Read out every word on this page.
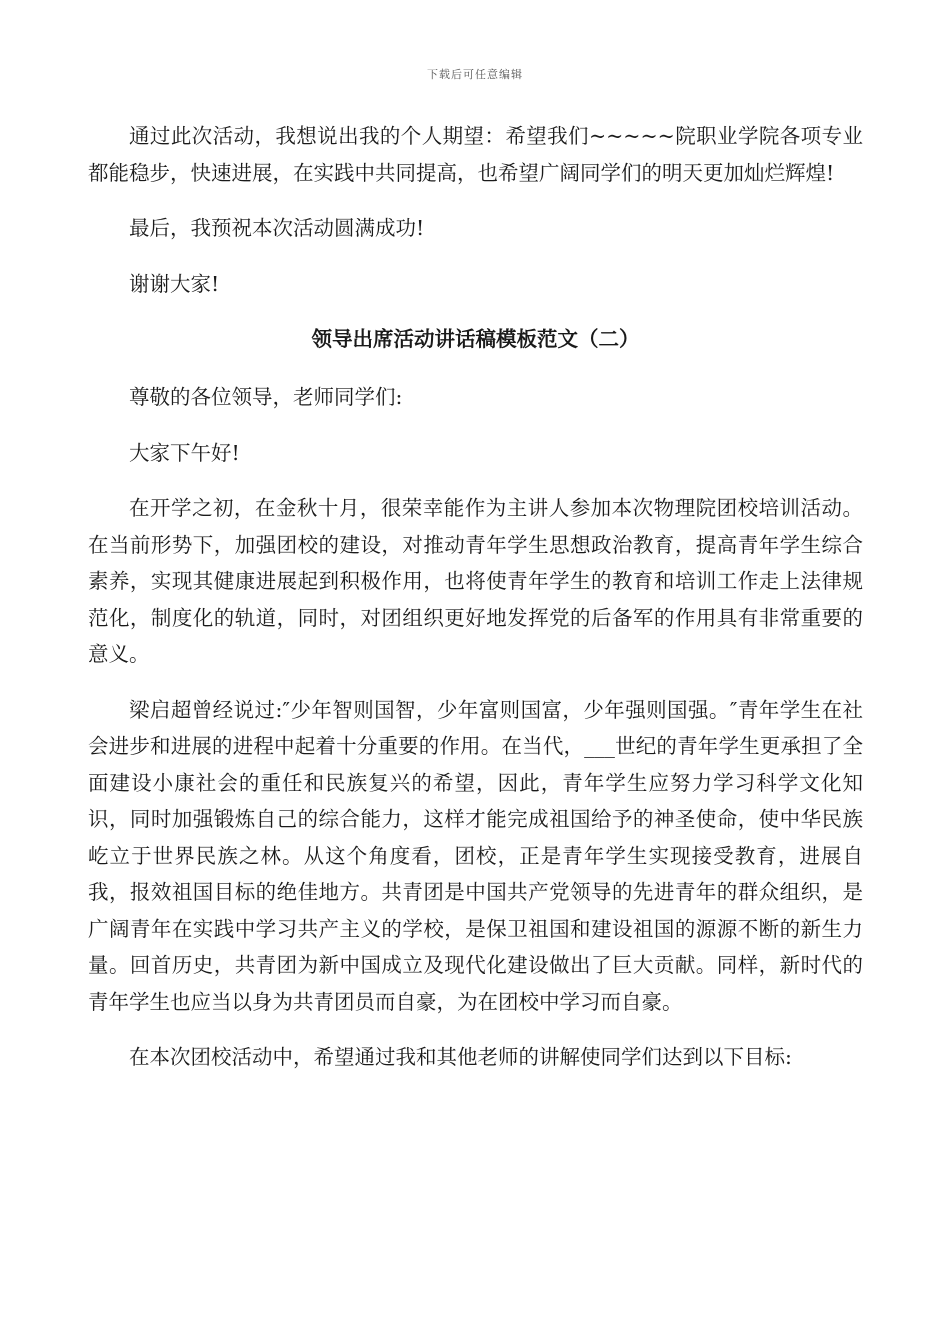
下载后可任意编辑

通过此次活动，我想说出我的个人期望：希望我们~~~~~院职业学院各项专业都能稳步，快速进展，在实践中共同提高，也希望广阔同学们的明天更加灿烂辉煌!

最后，我预祝本次活动圆满成功!

谢谢大家!

领导出席活动讲话稿模板范文（二）

尊敬的各位领导，老师同学们:

大家下午好!

在开学之初，在金秋十月，很荣幸能作为主讲人参加本次物理院团校培训活动。在当前形势下，加强团校的建设，对推动青年学生思想政治教育，提高青年学生综合素养，实现其健康进展起到积极作用，也将使青年学生的教育和培训工作走上法律规范化，制度化的轨道，同时，对团组织更好地发挥党的后备军的作用具有非常重要的意义。

梁启超曾经说过:″少年智则国智，少年富则国富，少年强则国强。″青年学生在社会进步和进展的进程中起着十分重要的作用。在当代，___世纪的青年学生更承担了全面建设小康社会的重任和民族复兴的希望，因此，青年学生应努力学习科学文化知识，同时加强锻炼自己的综合能力，这样才能完成祖国给予的神圣使命，使中华民族屹立于世界民族之林。从这个角度看，团校，正是青年学生实现接受教育，进展自我，报效祖国目标的绝佳地方。共青团是中国共产党领导的先进青年的群众组织，是广阔青年在实践中学习共产主义的学校，是保卫祖国和建设祖国的源源不断的新生力量。回首历史，共青团为新中国成立及现代化建设做出了巨大贡献。同样，新时代的青年学生也应当以身为共青团员而自豪，为在团校中学习而自豪。

在本次团校活动中，希望通过我和其他老师的讲解使同学们达到以下目标:
